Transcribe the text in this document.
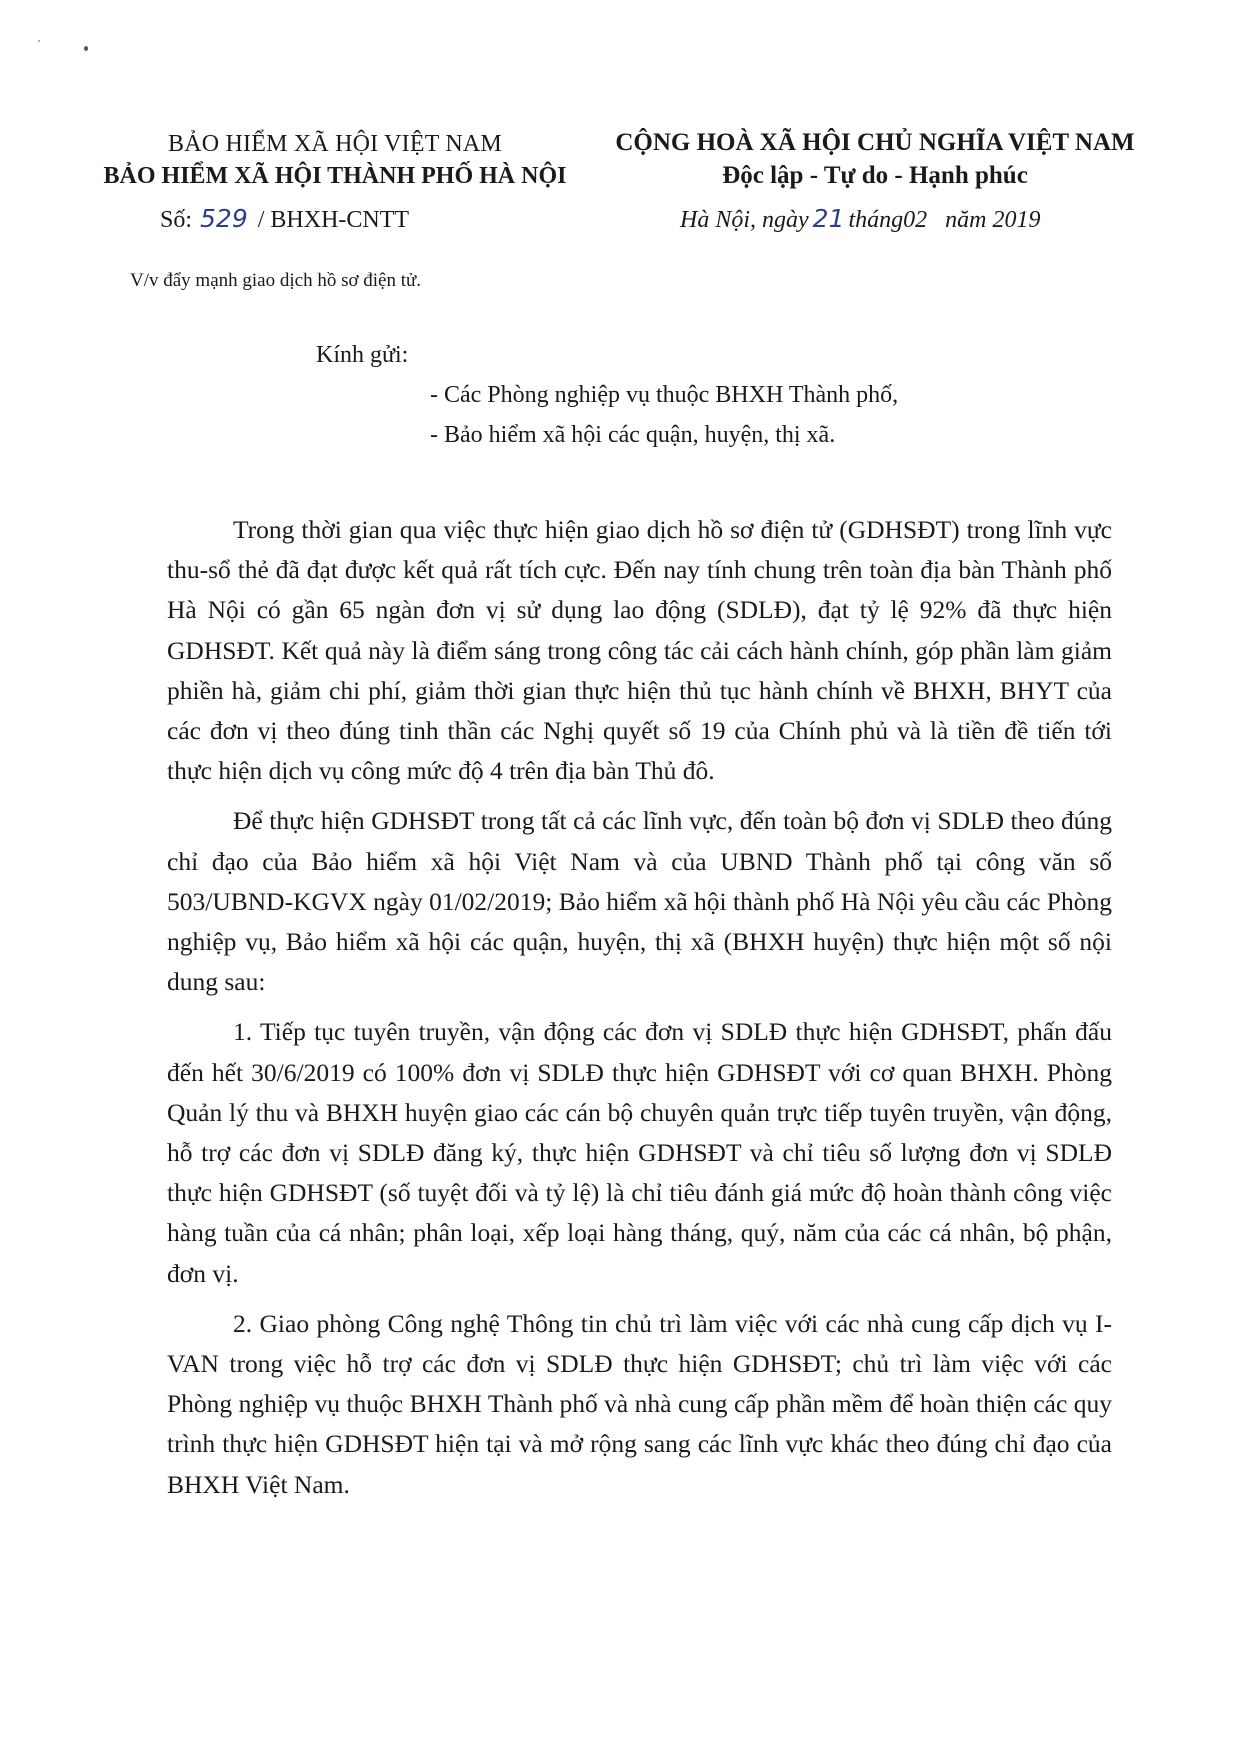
BẢO HIỂM XÃ HỘI VIỆT NAM
BẢO HIỂM XÃ HỘI THÀNH PHỐ HÀ NỘI
CỘNG HOÀ XÃ HỘI CHỦ NGHĨA VIỆT NAM
Độc lập - Tự do - Hạnh phúc
Số: 529 / BHXH-CNTT	Hà Nội, ngày 21 tháng02 năm 2019
V/v đẩy mạnh giao dịch hồ sơ điện tử.
Kính gửi:
- Các Phòng nghiệp vụ thuộc BHXH Thành phố,
- Bảo hiểm xã hội các quận, huyện, thị xã.

Trong thời gian qua việc thực hiện giao dịch hồ sơ điện tử (GDHSĐT) trong lĩnh vực thu-sổ thẻ đã đạt được kết quả rất tích cực. Đến nay tính chung trên toàn địa bàn Thành phố Hà Nội có gần 65 ngàn đơn vị sử dụng lao động (SDLĐ), đạt tỷ lệ 92% đã thực hiện GDHSĐT. Kết quả này là điểm sáng trong công tác cải cách hành chính, góp phần làm giảm phiền hà, giảm chi phí, giảm thời gian thực hiện thủ tục hành chính về BHXH, BHYT của các đơn vị theo đúng tinh thần các Nghị quyết số 19 của Chính phủ và là tiền đề tiến tới thực hiện dịch vụ công mức độ 4 trên địa bàn Thủ đô.

Để thực hiện GDHSĐT trong tất cả các lĩnh vực, đến toàn bộ đơn vị SDLĐ theo đúng chỉ đạo của Bảo hiểm xã hội Việt Nam và của UBND Thành phố tại công văn số 503/UBND-KGVX ngày 01/02/2019; Bảo hiểm xã hội thành phố Hà Nội yêu cầu các Phòng nghiệp vụ, Bảo hiểm xã hội các quận, huyện, thị xã (BHXH huyện) thực hiện một số nội dung sau:

1. Tiếp tục tuyên truyền, vận động các đơn vị SDLĐ thực hiện GDHSĐT, phấn đấu đến hết 30/6/2019 có 100% đơn vị SDLĐ thực hiện GDHSĐT với cơ quan BHXH. Phòng Quản lý thu và BHXH huyện giao các cán bộ chuyên quản trực tiếp tuyên truyền, vận động, hỗ trợ các đơn vị SDLĐ đăng ký, thực hiện GDHSĐT và chỉ tiêu số lượng đơn vị SDLĐ thực hiện GDHSĐT (số tuyệt đối và tỷ lệ) là chỉ tiêu đánh giá mức độ hoàn thành công việc hàng tuần của cá nhân; phân loại, xếp loại hàng tháng, quý, năm của các cá nhân, bộ phận, đơn vị.

2. Giao phòng Công nghệ Thông tin chủ trì làm việc với các nhà cung cấp dịch vụ I-VAN trong việc hỗ trợ các đơn vị SDLĐ thực hiện GDHSĐT; chủ trì làm việc với các Phòng nghiệp vụ thuộc BHXH Thành phố và nhà cung cấp phần mềm để hoàn thiện các quy trình thực hiện GDHSĐT hiện tại và mở rộng sang các lĩnh vực khác theo đúng chỉ đạo của BHXH Việt Nam.
